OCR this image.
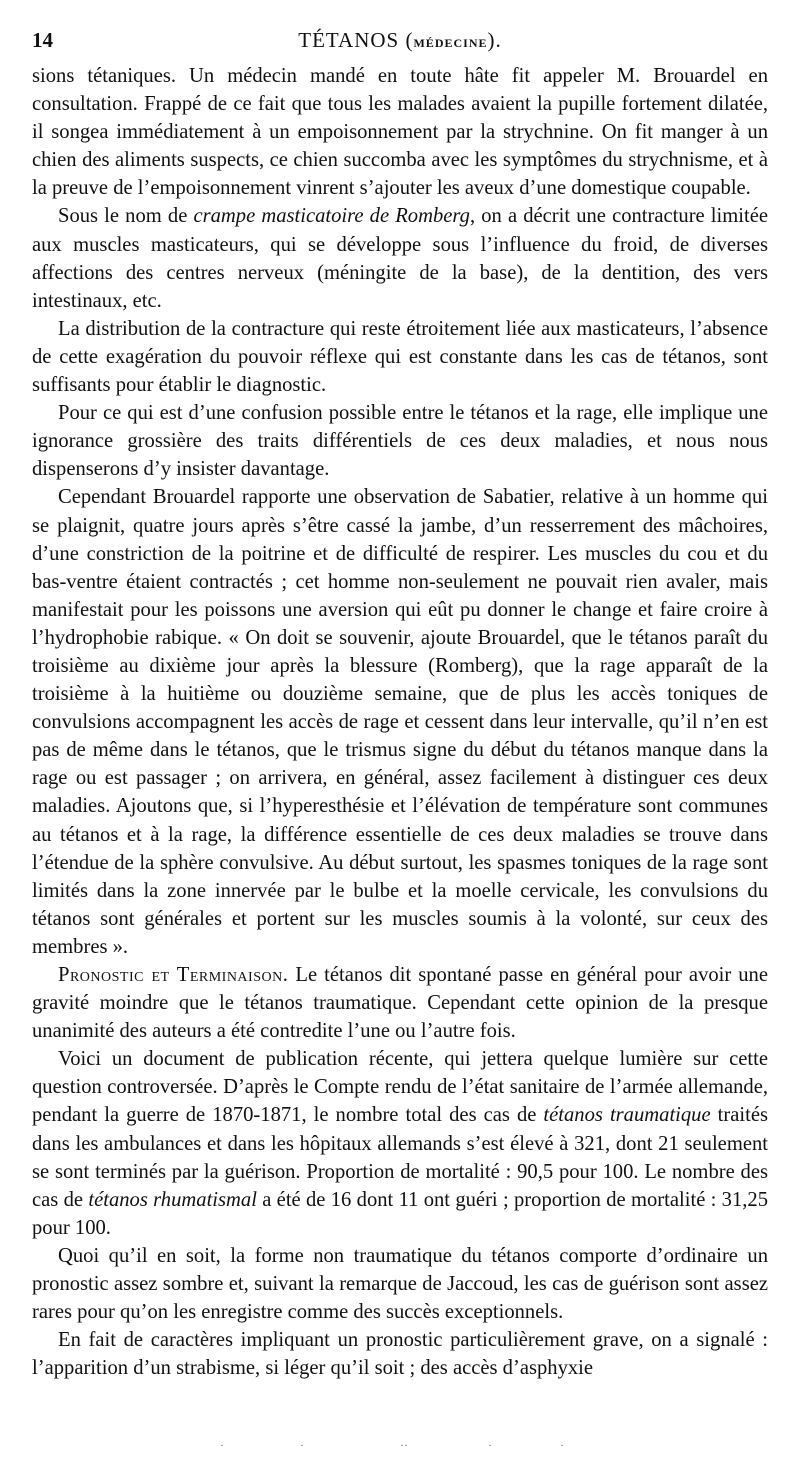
14	TÉTANOS (MÉDECINE).

sions tétaniques. Un médecin mandé en toute hâte fit appeler M. Brouardel en consultation. Frappé de ce fait que tous les malades avaient la pupille fortement dilatée, il songea immédiatement à un empoisonnement par la strychnine. On fit manger à un chien des aliments suspects, ce chien succomba avec les symptômes du strychnisme, et à la preuve de l’empoisonnement vinrent s’ajouter les aveux d’une domestique coupable.

Sous le nom de crampe masticatoire de Romberg, on a décrit une contracture limitée aux muscles masticateurs, qui se développe sous l’influence du froid, de diverses affections des centres nerveux (méningite de la base), de la dentition, des vers intestinaux, etc.

La distribution de la contracture qui reste étroitement liée aux masticateurs, l’absence de cette exagération du pouvoir réflexe qui est constante dans les cas de tétanos, sont suffisants pour établir le diagnostic.

Pour ce qui est d’une confusion possible entre le tétanos et la rage, elle implique une ignorance grossière des traits différentiels de ces deux maladies, et nous nous dispenserons d’y insister davantage.

Cependant Brouardel rapporte une observation de Sabatier, relative à un homme qui se plaignit, quatre jours après s’être cassé la jambe, d’un resserrement des mâchoires, d’une constriction de la poitrine et de difficulté de respirer. Les muscles du cou et du bas-ventre étaient contractés ; cet homme non-seulement ne pouvait rien avaler, mais manifestait pour les poissons une aversion qui eût pu donner le change et faire croire à l’hydrophobie rabique. « On doit se souvenir, ajoute Brouardel, que le tétanos paraît du troisième au dixième jour après la blessure (Romberg), que la rage apparaît de la troisième à la huitième ou douzième semaine, que de plus les accès toniques de convulsions accompagnent les accès de rage et cessent dans leur intervalle, qu’il n’en est pas de même dans le tétanos, que le trismus signe du début du tétanos manque dans la rage ou est passager ; on arrivera, en général, assez facilement à distinguer ces deux maladies. Ajoutons que, si l’hyperesthésie et l’élévation de température sont communes au tétanos et à la rage, la différence essentielle de ces deux maladies se trouve dans l’étendue de la sphère convulsive. Au début surtout, les spasmes toniques de la rage sont limités dans la zone innervée par le bulbe et la moelle cervicale, les convulsions du tétanos sont générales et portent sur les muscles soumis à la volonté, sur ceux des membres ».

Pronostic et Terminaison. Le tétanos dit spontané passe en général pour avoir une gravité moindre que le tétanos traumatique. Cependant cette opinion de la presque unanimité des auteurs a été contredite l’une ou l’autre fois.

Voici un document de publication récente, qui jettera quelque lumière sur cette question controversée. D’après le Compte rendu de l’état sanitaire de l’armée allemande, pendant la guerre de 1870-1871, le nombre total des cas de tétanos traumatique traités dans les ambulances et dans les hôpitaux allemands s’est élevé à 321, dont 21 seulement se sont terminés par la guérison. Proportion de mortalité : 90,5 pour 100. Le nombre des cas de tétanos rhumatismal a été de 16 dont 11 ont guéri ; proportion de mortalité : 31,25 pour 100.

Quoi qu’il en soit, la forme non traumatique du tétanos comporte d’ordinaire un pronostic assez sombre et, suivant la remarque de Jaccoud, les cas de guérison sont assez rares pour qu’on les enregistre comme des succès exceptionnels.

En fait de caractères impliquant un pronostic particulièrement grave, on a signalé : l’apparition d’un strabisme, si léger qu’il soit ; des accès d’asphyxie

·	·	··	·	·
